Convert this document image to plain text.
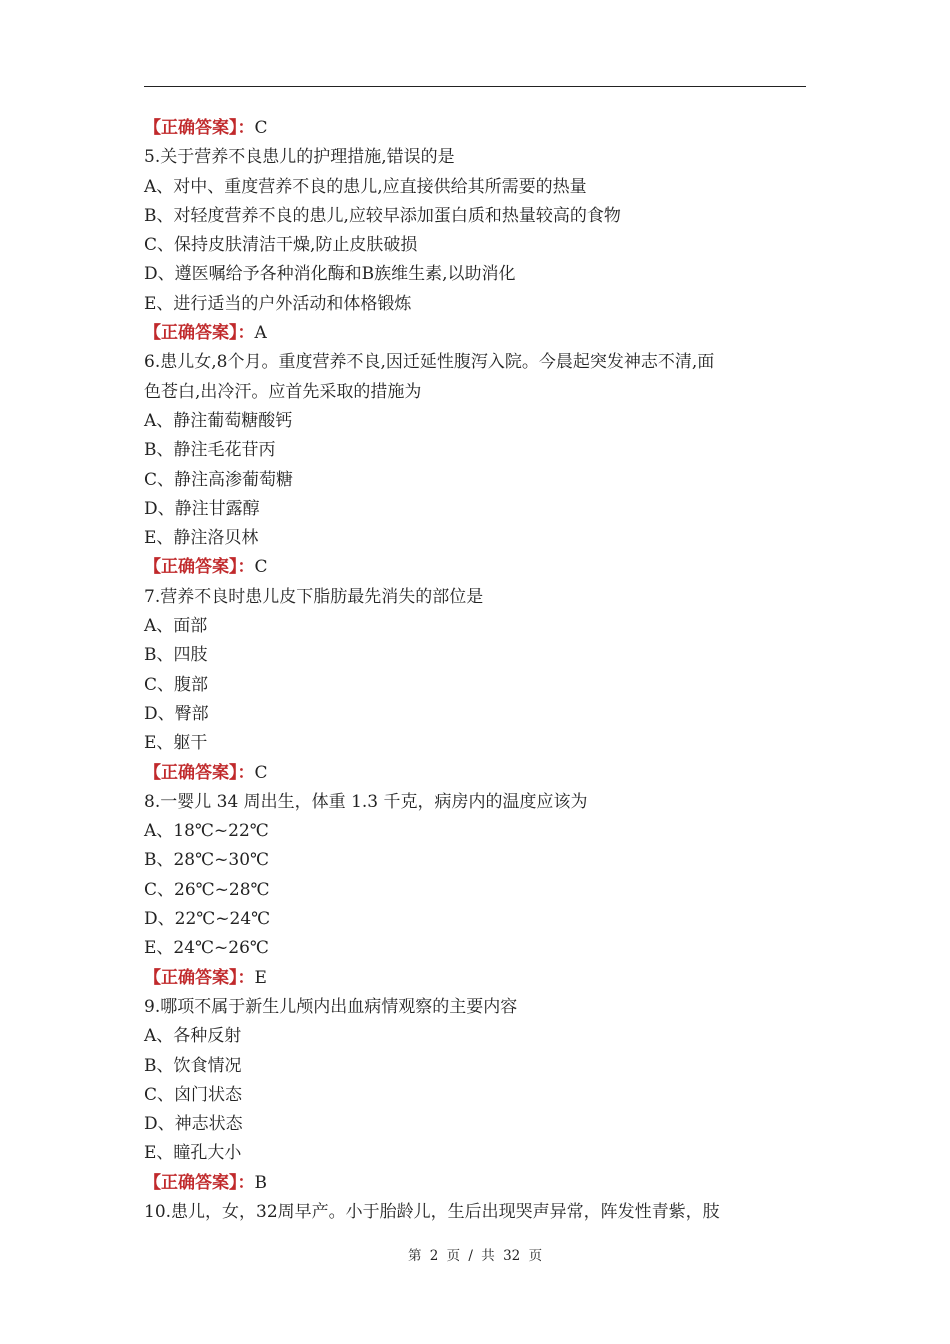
【正确答案】：C
5.关于营养不良患儿的护理措施,错误的是
A、对中、重度营养不良的患儿,应直接供给其所需要的热量
B、对轻度营养不良的患儿,应较早添加蛋白质和热量较高的食物
C、保持皮肤清洁干燥,防止皮肤破损
D、遵医嘱给予各种消化酶和B族维生素,以助消化
E、进行适当的户外活动和体格锻炼
【正确答案】：A
6.患儿女,8个月。重度营养不良,因迁延性腹泻入院。今晨起突发神志不清,面
色苍白,出冷汗。应首先采取的措施为
A、静注葡萄糖酸钙
B、静注毛花苷丙
C、静注高渗葡萄糖
D、静注甘露醇
E、静注洛贝林
【正确答案】：C
7.营养不良时患儿皮下脂肪最先消失的部位是
A、面部
B、四肢
C、腹部
D、臀部
E、躯干
【正确答案】：C
8.一婴儿 34 周出生，体重 1.3 千克，病房内的温度应该为
A、18℃~22℃
B、28℃~30℃
C、26℃~28℃
D、22℃~24℃
E、24℃~26℃
【正确答案】：E
9.哪项不属于新生儿颅内出血病情观察的主要内容
A、各种反射
B、饮食情况
C、囟门状态
D、神志状态
E、瞳孔大小
【正确答案】：B
10.患儿，女，32周早产。小于胎龄儿，生后出现哭声异常，阵发性青紫，肢
第 2 页 / 共 32 页
